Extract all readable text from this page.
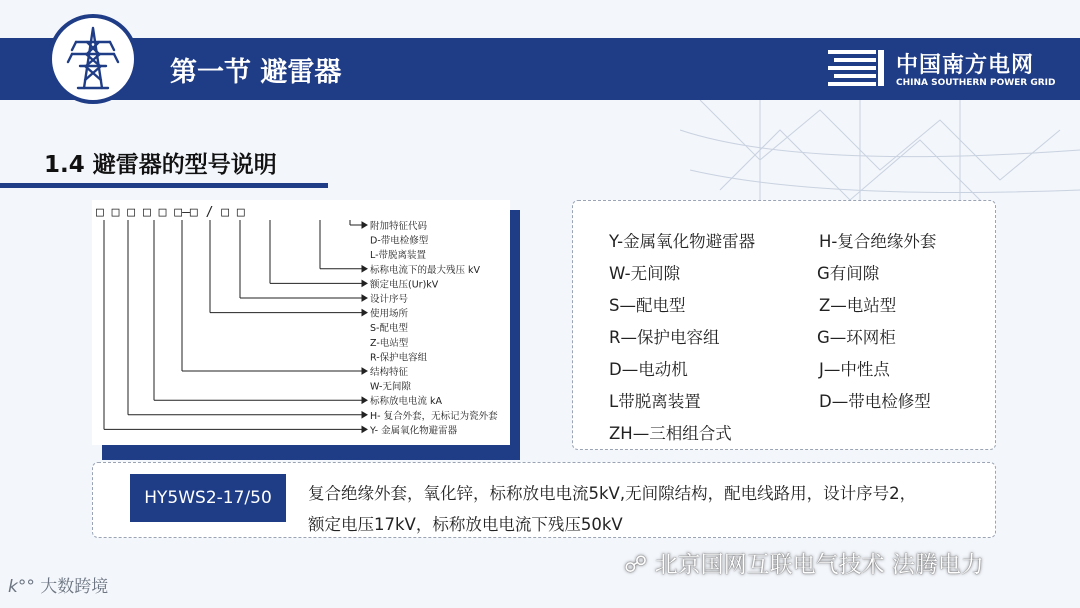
第一节 避雷器	中国南方电网
CHINA SOUTHERN POWER GRID
1.4 避雷器的型号说明
□ □ □ □ □ □—□ / □ □
附加特征代码
D-带电检修型
L-带脱离装置
标称电流下的最大残压 kV
额定电压(Ur)kV
设计序号
使用场所
S-配电型
Z-电站型
R-保护电容组
结构特征
W-无间隙
标称放电电流 kA
H- 复合外套，无标记为瓷外套
Y- 金属氧化物避雷器
Y-金属氧化物避雷器	H-复合绝缘外套
W-无间隙	G有间隙
S—配电型	Z—电站型
R—保护电容组	G—环网柜
D—电动机	J—中性点
L带脱离装置	D—带电检修型
ZH—三相组合式
HY5WS2-17/50	复合绝缘外套，氧化锌，标称放电电流5kV,无间隙结构，配电线路用，设计序号2，
额定电压17kV，标称放电电流下残压50kV
k°° 大数跨境
☍ 北京国网互联电气技术 法腾电力
